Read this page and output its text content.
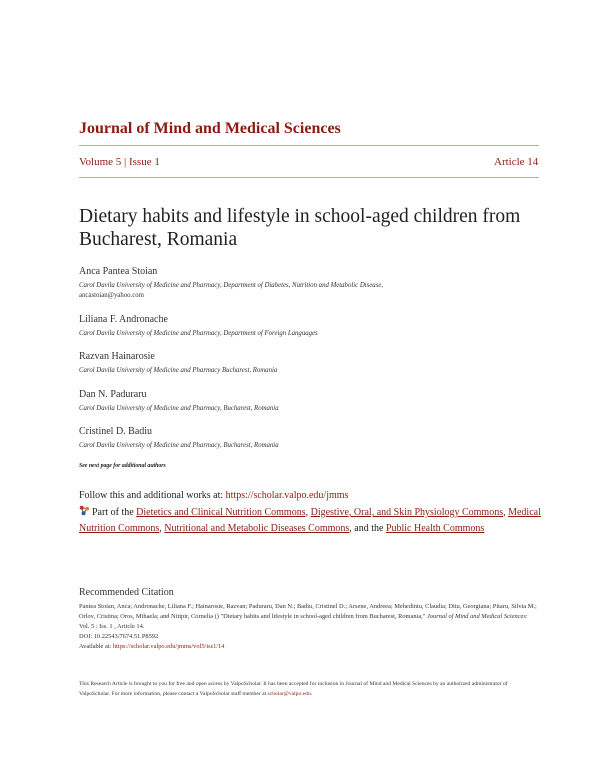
Journal of Mind and Medical Sciences
Volume 5 | Issue 1	Article 14
Dietary habits and lifestyle in school-aged children from Bucharest, Romania
Anca Pantea Stoian
Carol Davila University of Medicine and Pharmacy, Department of Diabetes, Nutrition and Metabolic Disease,
ancastoian@yahoo.com
Liliana F. Andronache
Carol Davila University of Medicine and Pharmacy, Department of Foreign Languages
Razvan Hainarosie
Carol Davila University of Medicine and Pharmacy Bucharest, Romania
Dan N. Paduraru
Carol Davila University of Medicine and Pharmacy, Bucharest, Romania
Cristinel D. Badiu
Carol Davila University of Medicine and Pharmacy, Bucharest, Romania
See next page for additional authors
Follow this and additional works at: https://scholar.valpo.edu/jmms
Part of the Dietetics and Clinical Nutrition Commons, Digestive, Oral, and Skin Physiology Commons, Medical Nutrition Commons, Nutritional and Metabolic Diseases Commons, and the Public Health Commons
Recommended Citation
Pantea Stoian, Anca; Andronache, Liliana F.; Hainarosie, Razvan; Paduraru, Dan N.; Badiu, Cristinel D.; Arsene, Andreea; Mehedintu, Claudia; Ditu, Georgiana; Pitaru, Silvia M.; Orlov, Cristina; Oros, Mihaela; and Nitipir, Cornelia () "Dietary habits and lifestyle in school-aged children from Bucharest, Romania," Journal of Mind and Medical Sciences: Vol. 5 : Iss. 1 , Article 14.
DOI: 10.22543/7674.51.P8592
Available at: https://scholar.valpo.edu/jmms/vol5/iss1/14
This Research Article is brought to you for free and open access by ValpoScholar. It has been accepted for inclusion in Journal of Mind and Medical Sciences by an authorized administrator of ValpoScholar. For more information, please contact a ValpoScholar staff member at scholar@valpo.edu.
